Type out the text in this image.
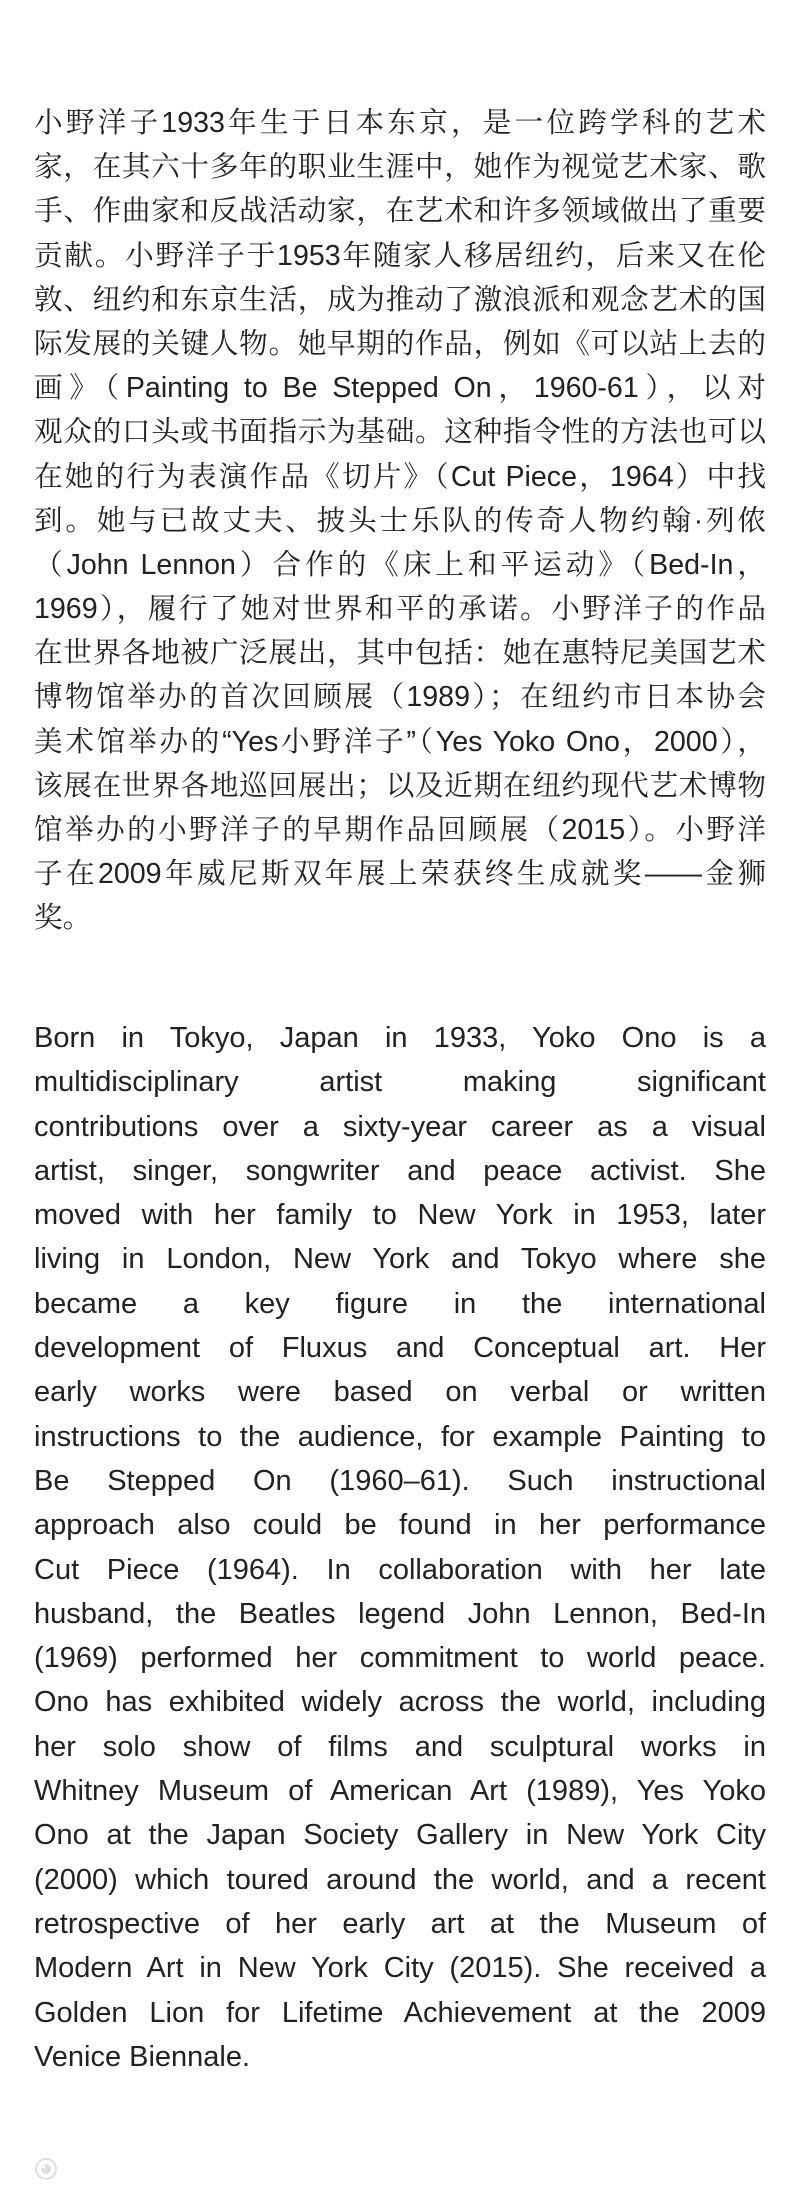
小野洋子1933年生于日本东京，是一位跨学科的艺术
家，在其六十多年的职业生涯中，她作为视觉艺术家、歌
手、作曲家和反战活动家，在艺术和许多领域做出了重要
贡献。小野洋子于1953年随家人移居纽约，后来又在伦
敦、纽约和东京生活，成为推动了激浪派和观念艺术的国
际发展的关键人物。她早期的作品，例如《可以站上去的
画》（Painting to Be Stepped On，1960-61），以对
观众的口头或书面指示为基础。这种指令性的方法也可以
在她的行为表演作品《切片》（Cut Piece，1964）中找
到。她与已故丈夫、披头士乐队的传奇人物约翰·列侬
（John Lennon）合作的《床上和平运动》（Bed-In，
1969），履行了她对世界和平的承诺。小野洋子的作品
在世界各地被广泛展出，其中包括：她在惠特尼美国艺术
博物馆举办的首次回顾展（1989）；在纽约市日本协会
美术馆举办的“Yes小野洋子”（Yes Yoko Ono，2000），
该展在世界各地巡回展出；以及近期在纽约现代艺术博物
馆举办的小野洋子的早期作品回顾展（2015）。小野洋
子在2009年威尼斯双年展上荣获终生成就奖——金狮
奖。
Born in Tokyo, Japan in 1933, Yoko Ono is a
multidisciplinary artist making significant
contributions over a sixty-year career as a visual
artist, singer, songwriter and peace activist. She
moved with her family to New York in 1953, later
living in London, New York and Tokyo where she
became a key figure in the international
development of Fluxus and Conceptual art. Her
early works were based on verbal or written
instructions to the audience, for example Painting to
Be Stepped On (1960–61). Such instructional
approach also could be found in her performance
Cut Piece (1964). In collaboration with her late
husband, the Beatles legend John Lennon, Bed-In
(1969) performed her commitment to world peace.
Ono has exhibited widely across the world, including
her solo show of films and sculptural works in
Whitney Museum of American Art (1989), Yes Yoko
Ono at the Japan Society Gallery in New York City
(2000) which toured around the world, and a recent
retrospective of her early art at the Museum of
Modern Art in New York City (2015). She received a
Golden Lion for Lifetime Achievement at the 2009
Venice Biennale.
